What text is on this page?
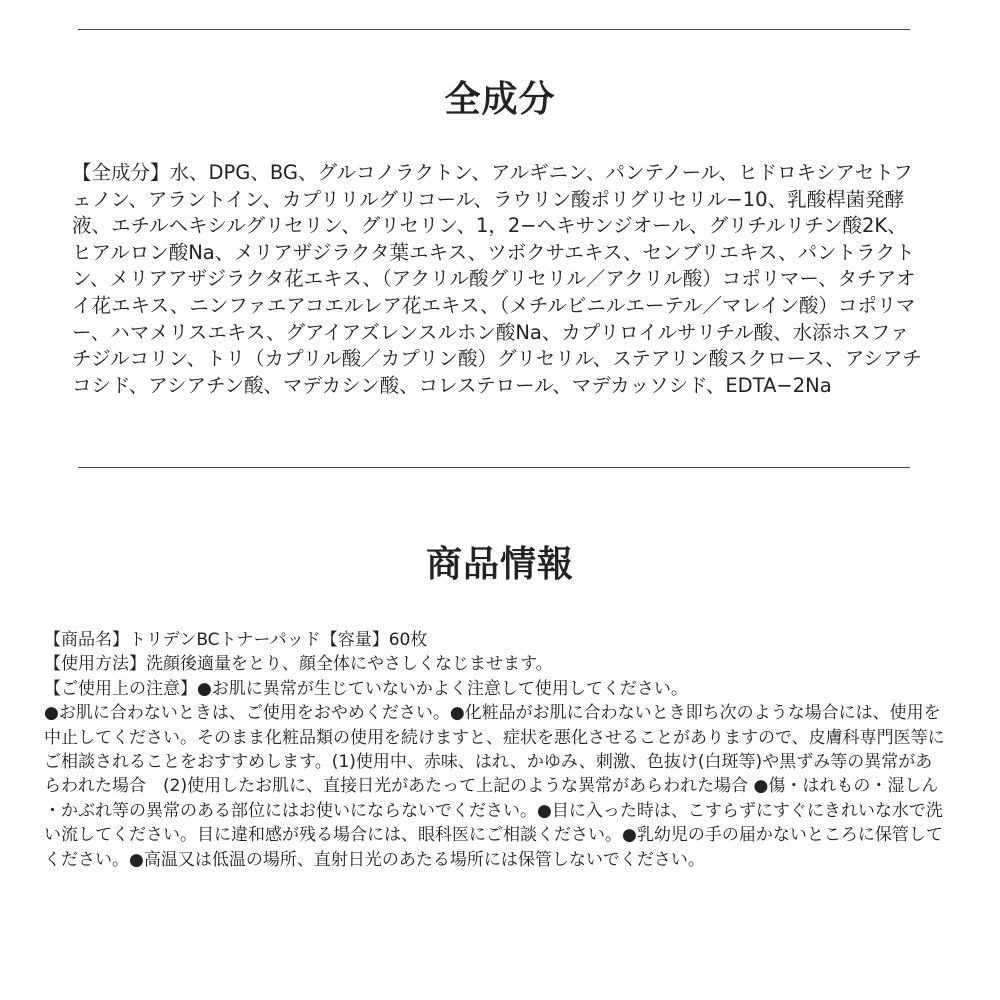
全成分
【全成分】水、DPG、BG、グルコノラクトン、アルギニン、パンテノール、ヒドロキシアセトフェノン、アラントイン、カプリリルグリコール、ラウリン酸ポリグリセリル−10、乳酸桿菌発酵液、エチルヘキシルグリセリン、グリセリン、1，2−ヘキサンジオール、グリチルリチン酸2K、ヒアルロン酸Na、メリアザジラクタ葉エキス、ツボクサエキス、センブリエキス、パントラクトン、メリアアザジラクタ花エキス、（アクリル酸グリセリル／アクリル酸）コポリマー、タチアオイ花エキス、ニンファエアコエルレア花エキス、（メチルビニルエーテル／マレイン酸）コポリマー、ハマメリスエキス、グアイアズレンスルホン酸Na、カプリロイルサリチル酸、水添ホスファチジルコリン、トリ（カプリル酸／カプリン酸）グリセリル、ステアリン酸スクロース、アシアチコシド、アシアチン酸、マデカシン酸、コレステロール、マデカッソシド、EDTA−2Na
商品情報
【商品名】トリデンBCトナーパッド【容量】60枚
【使用方法】洗顔後適量をとり、顔全体にやさしくなじませます。
【ご使用上の注意】●お肌に異常が生じていないかよく注意して使用してください。
●お肌に合わないときは、ご使用をおやめください。●化粧品がお肌に合わないとき即ち次のような場合には、使用を中止してください。そのまま化粧品類の使用を続けますと、症状を悪化させることがありますので、皮膚科専門医等にご相談されることをおすすめします。(1)使用中、赤味、はれ、かゆみ、刺激、色抜け(白斑等)や黒ずみ等の異常があらわれた場合　(2)使用したお肌に、直接日光があたって上記のような異常があらわれた場合 ●傷・はれもの・湿しん・かぶれ等の異常のある部位にはお使いにならないでください。●目に入った時は、こすらずにすぐにきれいな水で洗い流してください。目に違和感が残る場合には、眼科医にご相談ください。●乳幼児の手の届かないところに保管してください。●高温又は低温の場所、直射日光のあたる場所には保管しないでください。
